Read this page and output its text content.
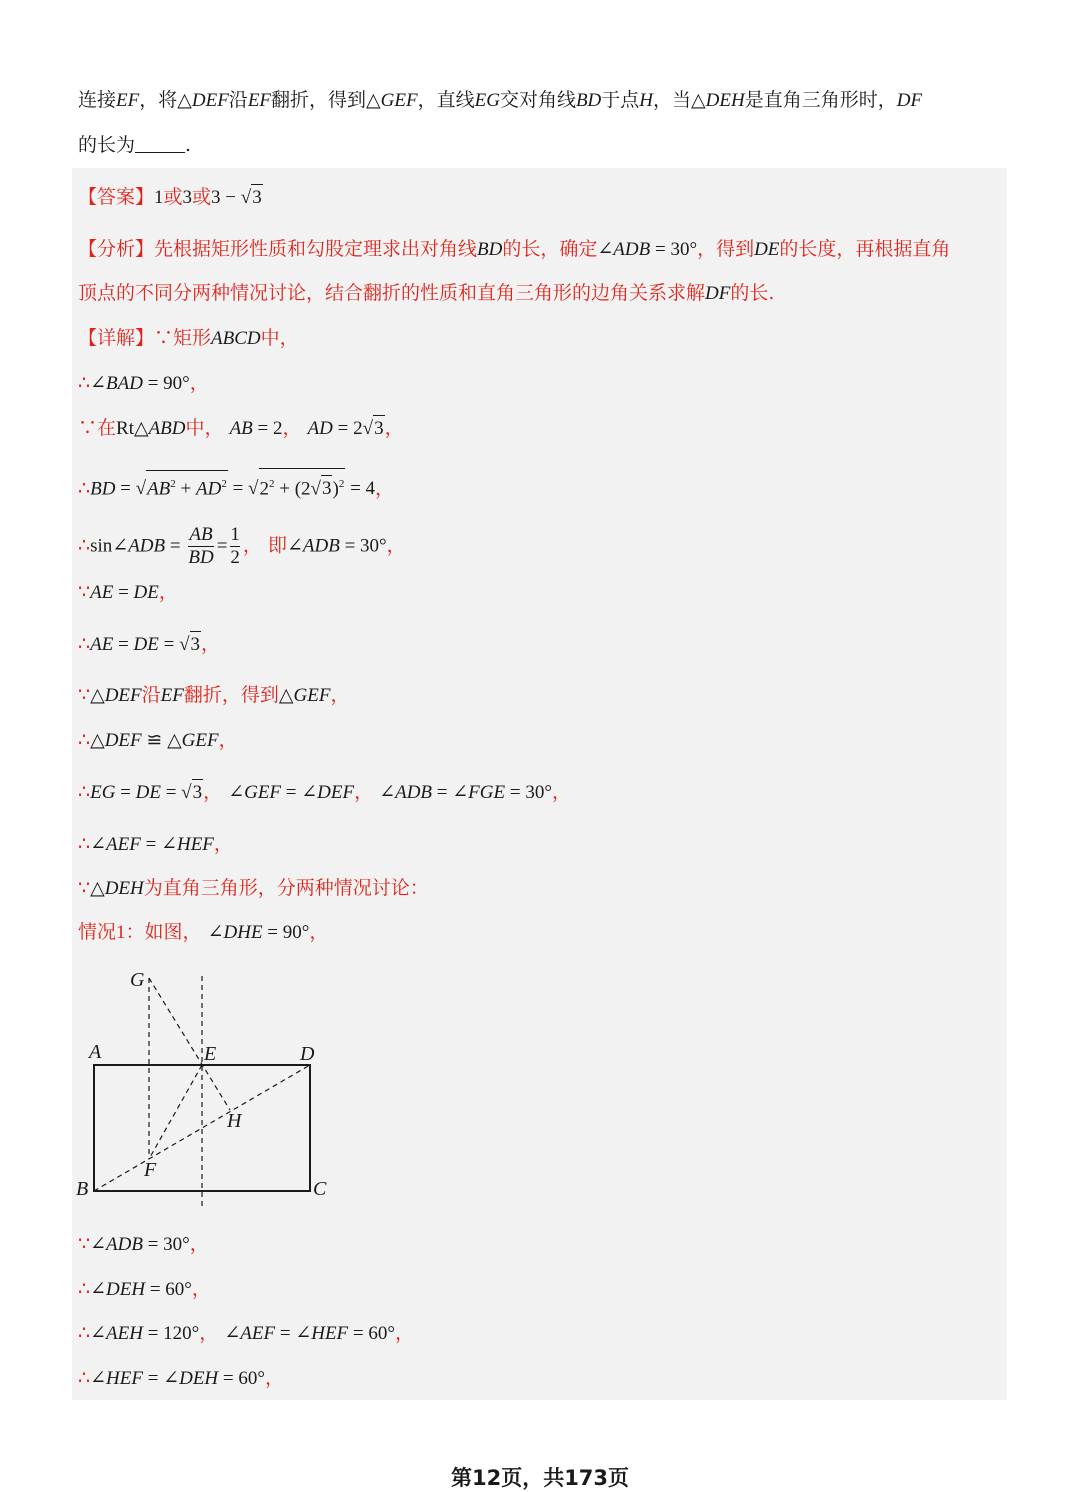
连接EF，将△DEF沿EF翻折，得到△GEF，直线EG交对角线BD于点H，当△DEH是直角三角形时，DF
的长为	.
【答案】1或3或3 − √3
【分析】先根据矩形性质和勾股定理求出对角线BD的长，确定∠ADB = 30°，得到DE的长度，再根据直角
顶点的不同分两种情况讨论，结合翻折的性质和直角三角形的边角关系求解DF的长.
【详解】∵矩形ABCD中，
∴∠BAD = 90°，
∵在Rt△ABD中， AB = 2， AD = 2√3，
∴BD = $√AB^2 + AD^2 = √2^2 + (2√3)^2 = 4$，
∴sin∠ADB = $\frac{AB}{BD} = \frac{1}{2}$ ， 即∠ADB = 30°，
∵AE = DE，
∴AE = DE = √3，
∵△DEF沿EF翻折，得到△GEF，
∴△DEF ≌ △GEF，
∴EG = DE = √3， ∠GEF = ∠DEF， ∠ADB = ∠FGE = 30°，
∴∠AEF = ∠HEF，
∵△DEH为直角三角形，分两种情况讨论：
情况1：如图， ∠DHE = 90°，
G
A	E	D
H
F
B	C
∵∠ADB = 30°，
∴∠DEH = 60°，
∴∠AEH = 120°， ∠AEF = ∠HEF = 60°，
∴∠HEF = ∠DEH = 60°，
第12页，共173页
